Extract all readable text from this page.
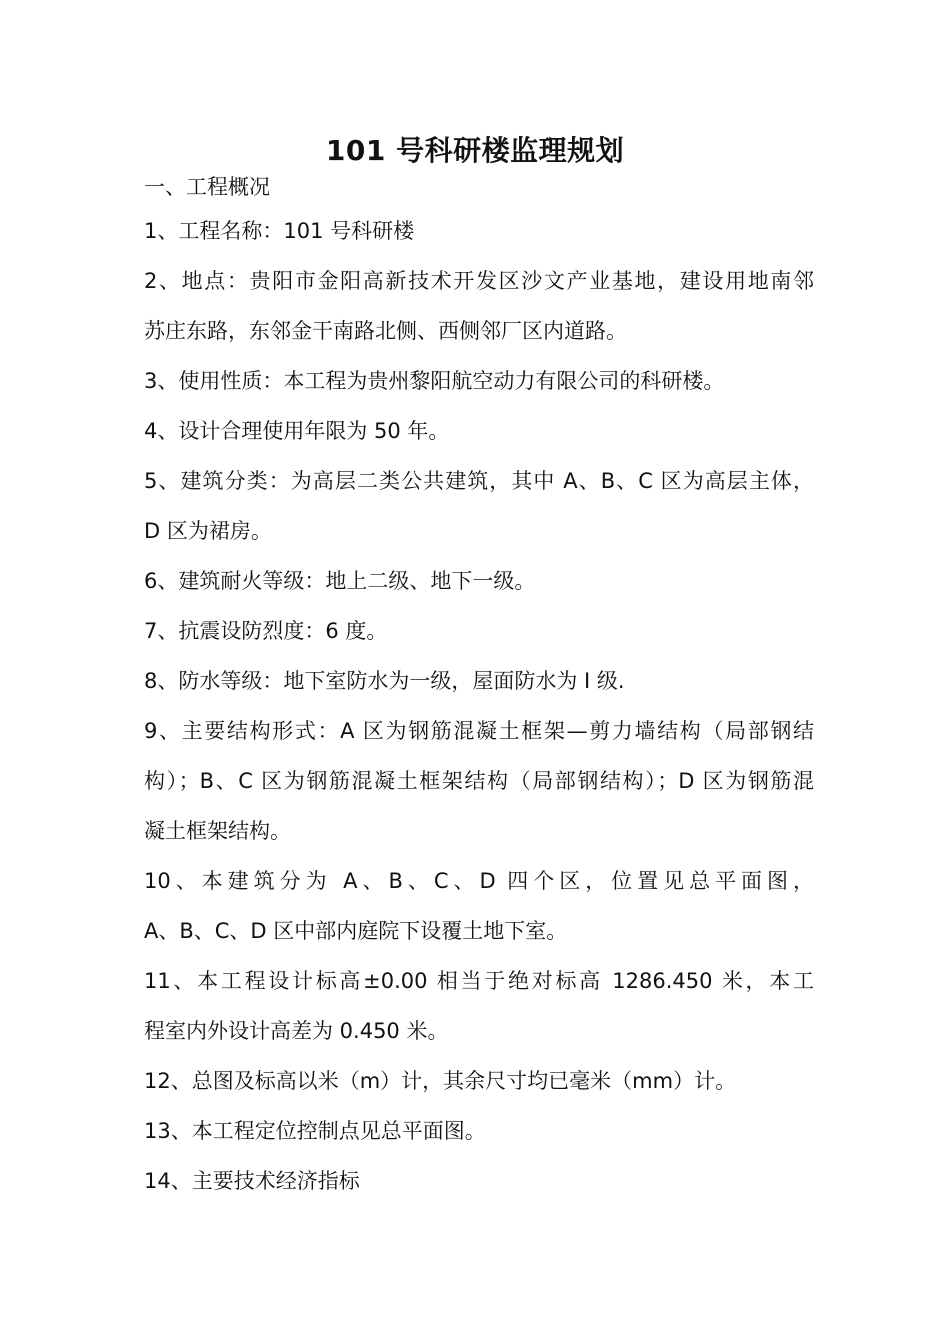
101 号科研楼监理规划

一、工程概况

1、工程名称：101 号科研楼

2、地点：贵阳市金阳高新技术开发区沙文产业基地，建设用地南邻

苏庄东路，东邻金干南路北侧、西侧邻厂区内道路。

3、使用性质：本工程为贵州黎阳航空动力有限公司的科研楼。

4、设计合理使用年限为 50 年。

5、建筑分类：为高层二类公共建筑，其中 A、B、C 区为高层主体，

D 区为裙房。

6、建筑耐火等级：地上二级、地下一级。

7、抗震设防烈度：6 度。

8、防水等级：地下室防水为一级，屋面防水为 I 级.

9、主要结构形式：A 区为钢筋混凝土框架—剪力墙结构（局部钢结

构）；B、C 区为钢筋混凝土框架结构（局部钢结构）；D 区为钢筋混

凝土框架结构。

10、本建筑分为 A、B、C、D 四个区，位置见总平面图，

A、B、C、D 区中部内庭院下设覆土地下室。

11、本工程设计标高±0.00 相当于绝对标高 1286.450 米，本工

程室内外设计高差为 0.450 米。

12、总图及标高以米（m）计，其余尺寸均已毫米（mm）计。

13、本工程定位控制点见总平面图。

14、主要技术经济指标
